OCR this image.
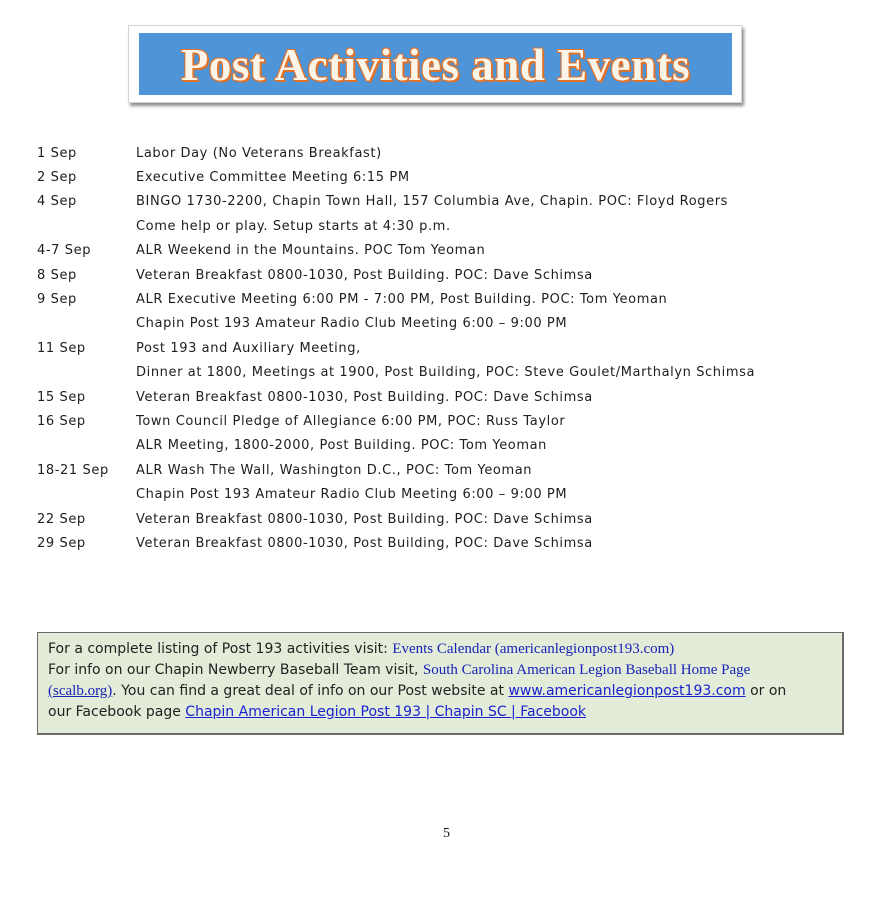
Post Activities and Events
1 Sep	Labor Day (No Veterans Breakfast)
2 Sep	Executive Committee Meeting 6:15 PM
4 Sep	BINGO 1730-2200, Chapin Town Hall, 157 Columbia Ave, Chapin. POC: Floyd Rogers
Come help or play. Setup starts at 4:30 p.m.
4-7 Sep	ALR Weekend in the Mountains. POC Tom Yeoman
8 Sep	Veteran Breakfast 0800-1030, Post Building. POC: Dave Schimsa
9 Sep	ALR Executive Meeting 6:00 PM - 7:00 PM, Post Building. POC: Tom Yeoman
Chapin Post 193 Amateur Radio Club Meeting 6:00 – 9:00 PM
11 Sep	Post 193 and Auxiliary Meeting,
Dinner at 1800, Meetings at 1900, Post Building, POC: Steve Goulet/Marthalyn Schimsa
15 Sep	Veteran Breakfast 0800-1030, Post Building. POC: Dave Schimsa
16 Sep	Town Council Pledge of Allegiance 6:00 PM, POC: Russ Taylor
ALR Meeting, 1800-2000, Post Building. POC: Tom Yeoman
18-21 Sep	ALR Wash The Wall, Washington D.C., POC: Tom Yeoman
Chapin Post 193 Amateur Radio Club Meeting 6:00 – 9:00 PM
22 Sep	Veteran Breakfast 0800-1030, Post Building. POC: Dave Schimsa
29 Sep	Veteran Breakfast 0800-1030, Post Building, POC: Dave Schimsa

For a complete listing of Post 193 activities visit: Events Calendar (americanlegionpost193.com)

For info on our Chapin Newberry Baseball Team visit, South Carolina American Legion Baseball Home Page

(scalb.org). You can find a great deal of info on our Post website at www.americanlegionpost193.com or on

our Facebook page Chapin American Legion Post 193 | Chapin SC | Facebook

5
